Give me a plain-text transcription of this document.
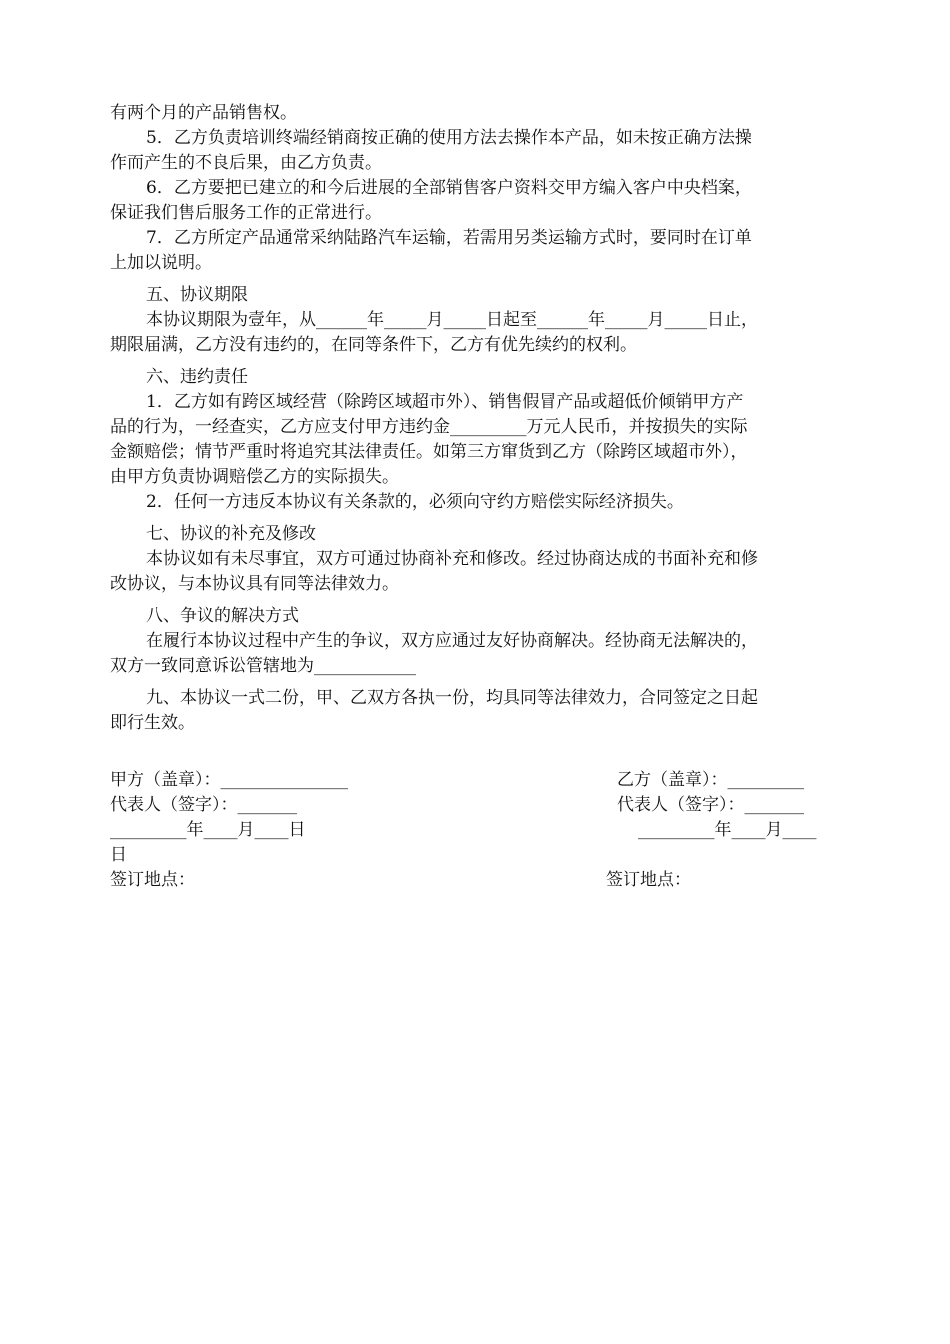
有两个月的产品销售权。
5．乙方负责培训终端经销商按正确的使用方法去操作本产品，如未按正确方法操
作而产生的不良后果，由乙方负责。
6．乙方要把已建立的和今后进展的全部销售客户资料交甲方编入客户中央档案，
保证我们售后服务工作的正常进行。
7．乙方所定产品通常采纳陆路汽车运输，若需用另类运输方式时，要同时在订单
上加以说明。
五、协议期限
本协议期限为壹年，从______年_____月_____日起至______年_____月_____日止，
期限届满，乙方没有违约的，在同等条件下，乙方有优先续约的权利。
六、违约责任
1．乙方如有跨区域经营（除跨区域超市外）、销售假冒产品或超低价倾销甲方产
品的行为，一经查实，乙方应支付甲方违约金_________万元人民币，并按损失的实际
金额赔偿；情节严重时将追究其法律责任。如第三方窜货到乙方（除跨区域超市外），
由甲方负责协调赔偿乙方的实际损失。
2．任何一方违反本协议有关条款的，必须向守约方赔偿实际经济损失。
七、协议的补充及修改
本协议如有未尽事宜，双方可通过协商补充和修改。经过协商达成的书面补充和修
改协议，与本协议具有同等法律效力。
八、争议的解决方式
在履行本协议过程中产生的争议，双方应通过友好协商解决。经协商无法解决的，
双方一致同意诉讼管辖地为____________
九、本协议一式二份，甲、乙双方各执一份，均具同等法律效力，合同签定之日起
即行生效。
甲方（盖章）：_______________	乙方（盖章）：_________
代表人（签字）：_______	代表人（签字）：_______
_________年____月____日	_________年____月____
日
签订地点：	签订地点：
